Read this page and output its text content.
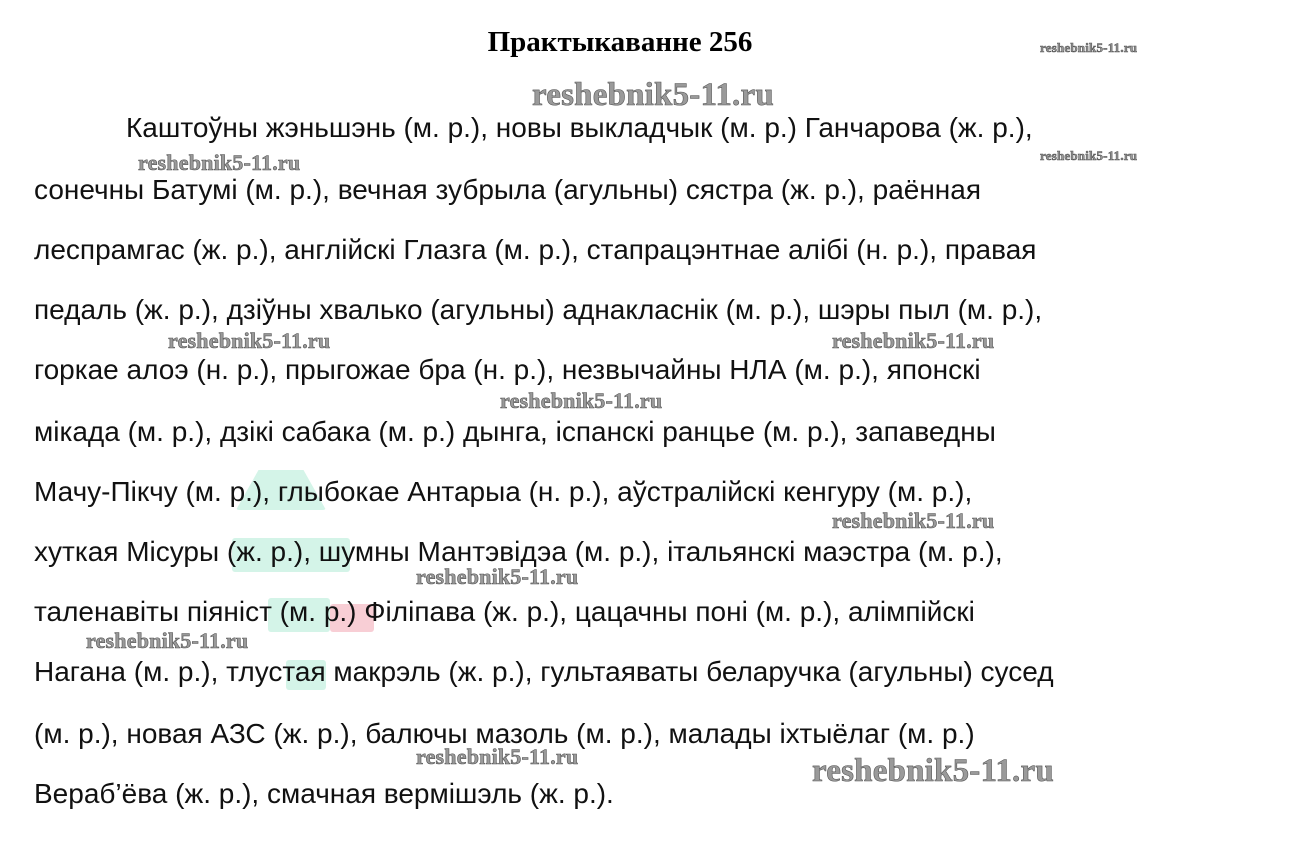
Практыкаванне 256
Каштоўны жэньшэнь (м. р.), новы выкладчык (м. р.) Ганчарова (ж. р.),
сонечны Батумі (м. р.), вечная зубрыла (агульны) сястра (ж. р.), раённая
леспрамгас (ж. р.), англійскі Глазга (м. р.), стапрацэнтнае алібі (н. р.), правая
педаль (ж. р.), дзіўны хвалько (агульны) аднакласнік (м. р.), шэры пыл (м. р.),
горкае алоэ (н. р.), прыгожае бра (н. р.), незвычайны НЛА (м. р.), японскі
мікада (м. р.), дзікі сабака (м. р.) дынга, іспанскі ранцье (м. р.), запаведны
Мачу-Пікчу (м. р.), глыбокае Антарыа (н. р.), аўстралійскі кенгуру (м. р.),
хуткая Місуры (ж. р.), шумны Мантэвідэа (м. р.), італьянскі маэстра (м. р.),
таленавіты піяніст (м. р.) Філіпава (ж. р.), цацачны поні (м. р.), алімпійскі
Нагана (м. р.), тлустая макрэль (ж. р.), гультаяваты беларучка (агульны) сусед
(м. р.), новая АЗС (ж. р.), балючы мазоль (м. р.), малады іхтыёлаг (м. р.)
Вераб’ёва (ж. р.), смачная вермішэль (ж. р.).
reshebnik5-11.ru
reshebnik5-11.ru
reshebnik5-11.ru	reshebnik5-11.ru
reshebnik5-11.ru	reshebnik5-11.ru
reshebnik5-11.ru
reshebnik5-11.ru
reshebnik5-11.ru
reshebnik5-11.ru
reshebnik5-11.ru	reshebnik5-11.ru
